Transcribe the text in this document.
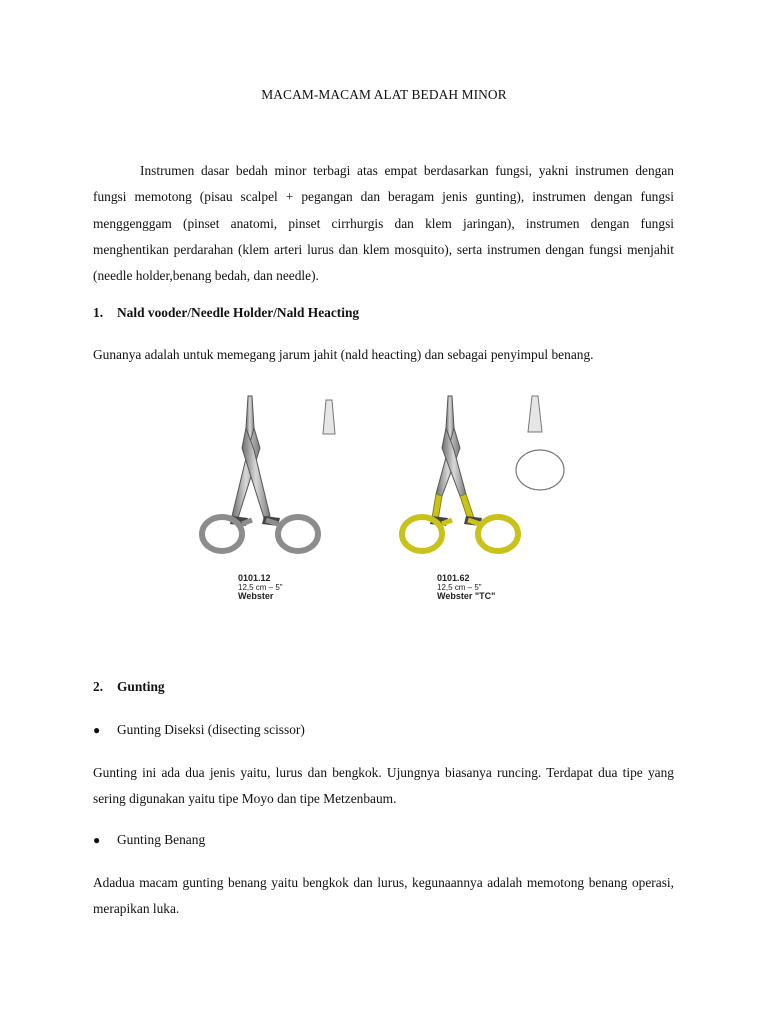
MACAM-MACAM ALAT BEDAH MINOR

Instrumen dasar bedah minor terbagi atas empat berdasarkan fungsi, yakni instrumen dengan fungsi memotong (pisau scalpel + pegangan dan beragam jenis gunting), instrumen dengan fungsi menggenggam (pinset anatomi, pinset cirrhurgis dan klem jaringan), instrumen dengan fungsi menghentikan perdarahan (klem arteri lurus dan klem mosquito), serta instrumen dengan fungsi menjahit (needle holder,benang bedah, dan needle).

1. Nald vooder/Needle Holder/Nald Heacting

Gunanya adalah untuk memegang jarum jahit (nald heacting) dan sebagai penyimpul benang.

0101.12
12,5 cm – 5"
Webster
0101.62
12,5 cm – 5"
Webster "TC"

2. Gunting

● Gunting Diseksi (disecting scissor)

Gunting ini ada dua jenis yaitu, lurus dan bengkok. Ujungnya biasanya runcing. Terdapat dua tipe yang sering digunakan yaitu tipe Moyo dan tipe Metzenbaum.

● Gunting Benang

Adadua macam gunting benang yaitu bengkok dan lurus, kegunaannya adalah memotong benang operasi, merapikan luka.
